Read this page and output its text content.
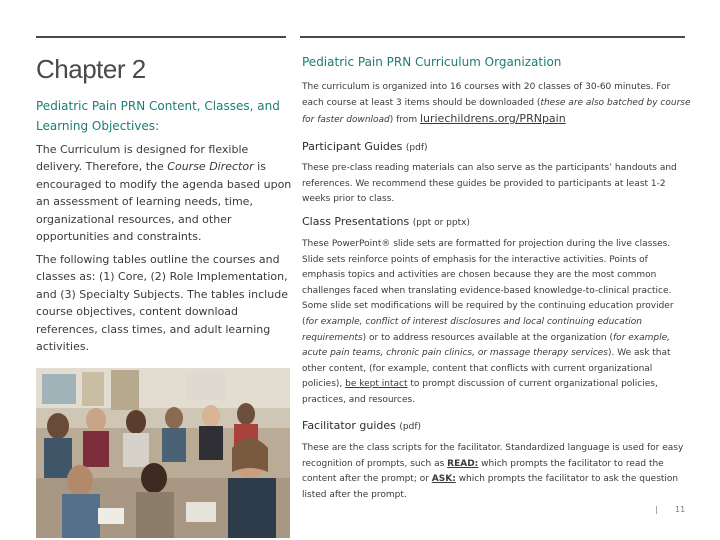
Chapter 2
Pediatric Pain PRN Content, Classes, and Learning Objectives:

The Curriculum is designed for flexible delivery. Therefore, the Course Director is encouraged to modify the agenda based upon an assessment of learning needs, time, organizational resources, and other opportunities and constraints.

The following tables outline the courses and classes as: (1) Core, (2) Role Implementation, and (3) Specialty Subjects. The tables include course objectives, content download references, class times, and adult learning activities.

Pediatric Pain PRN Curriculum Organization

The curriculum is organized into 16 courses with 20 classes of 30-60 minutes. For each course at least 3 items should be downloaded (these are also batched by course for faster download) from luriechildrens.org/PRNpain

Participant Guides (pdf)

These pre-class reading materials can also serve as the participants’ handouts and references. We recommend these guides be provided to participants at least 1-2 weeks prior to class.

Class Presentations (ppt or pptx)

These PowerPoint® slide sets are formatted for projection during the live classes. Slide sets reinforce points of emphasis for the interactive activities. Points of emphasis topics and activities are chosen because they are the most common challenges faced when translating evidence-based knowledge-to-clinical practice. Some slide set modifications will be required by the continuing education provider (for example, conflict of interest disclosures and local continuing education requirements) or to address resources available at the organization (for example, acute pain teams, chronic pain clinics, or massage therapy services). We ask that other content, (for example, content that conflicts with current organizational policies), be kept intact to prompt discussion of current organizational policies, practices, and resources.

Facilitator guides (pdf)

These are the class scripts for the facilitator. Standardized language is used for easy recognition of prompts, such as READ: which prompts the facilitator to read the content after the prompt; or ASK: which prompts the facilitator to ask the question listed after the prompt.

| 11
